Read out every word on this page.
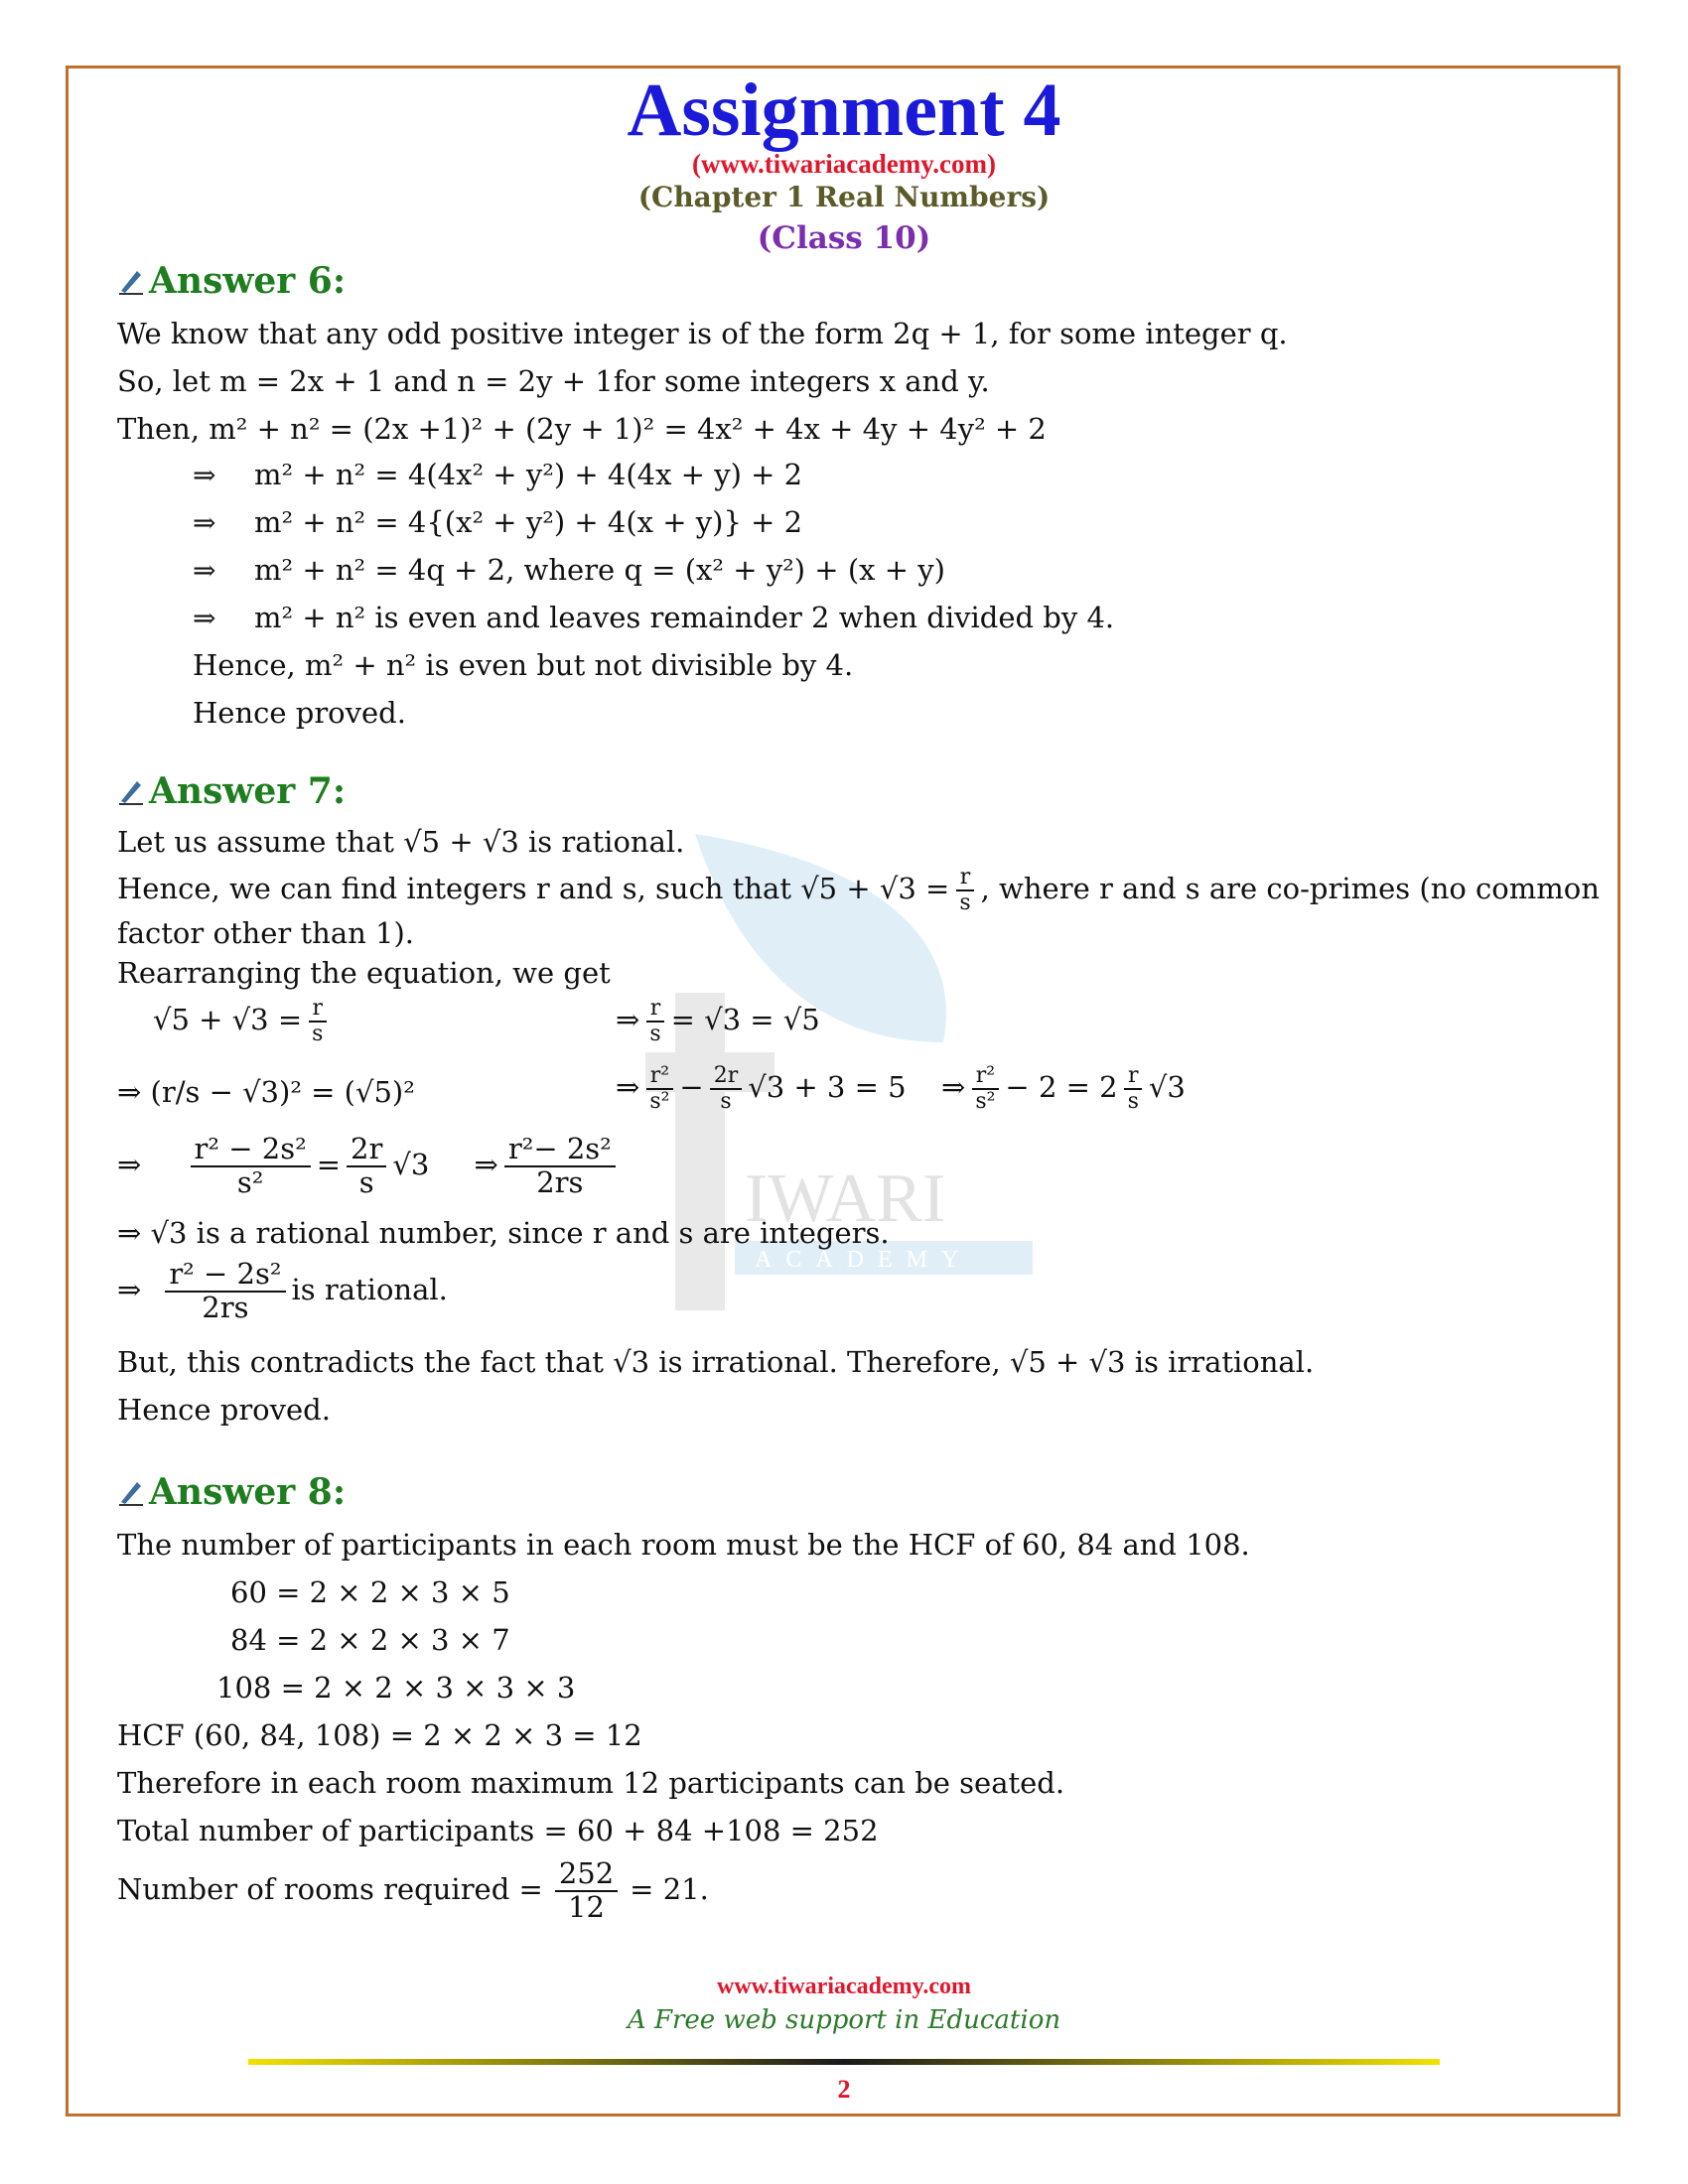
IWARI
ACADEMY
Assignment 4
(www.tiwariacademy.com)
(Chapter 1 Real Numbers)
(Class 10)
Answer 6:
We know that any odd positive integer is of the form 2q + 1, for some integer q.
So, let m = 2x + 1 and n = 2y + 1for some integers x and y.
Then, m² + n² = (2x +1)² + (2y + 1)² = 4x² + 4x + 4y + 4y² + 2
⇒ m² + n² = 4(4x² + y²) + 4(4x + y) + 2
⇒ m² + n² = 4{(x² + y²) + 4(x + y)} + 2
⇒ m² + n² = 4q + 2, where q = (x² + y²) + (x + y)
⇒ m² + n² is even and leaves remainder 2 when divided by 4.
Hence, m² + n² is even but not divisible by 4.
Hence proved.
Answer 7:
Let us assume that √5 + √3 is rational.
Hence, we can find integers r and s, such that $√5 + √3 = \frac{r}{s}$ , where r and s are co-primes (no common
factor other than 1).
Rearranging the equation, we get
$√5 + √3 = \frac{r}{s}$	⇒ $\frac{r}{s} = √3 = √5$
⇒ (r/s − √3)² = (√5)²	⇒ $\frac{\text{r²}}{\text{s²}} - \frac{2r}{s} √3 + 3 = 5$ ⇒ $\frac{\text{r²}}{\text{s²}} - 2 = 2 \frac{r}{s} √3$
⇒ $\frac{\text{r² − 2s²}}{\text{s²}} = \frac{2r}{s} √3$ ⇒ $\frac{\text{r²− 2s²}}{2rs}$
⇒ √3 is a rational number, since r and s are integers.
⇒ $\frac{\text{r² − 2s²}}{2rs}$ is rational.
But, this contradicts the fact that √3 is irrational. Therefore, √5 + √3 is irrational.
Hence proved.
Answer 8:
The number of participants in each room must be the HCF of 60, 84 and 108.
60 = 2 × 2 × 3 × 5
84 = 2 × 2 × 3 × 7
108 = 2 × 2 × 3 × 3 × 3
HCF (60, 84, 108) = 2 × 2 × 3 = 12
Therefore in each room maximum 12 participants can be seated.
Total number of participants = 60 + 84 +108 = 252
Number of rooms required = $\frac{252}{12} = 21$.
www.tiwariacademy.com
A Free web support in Education
2
